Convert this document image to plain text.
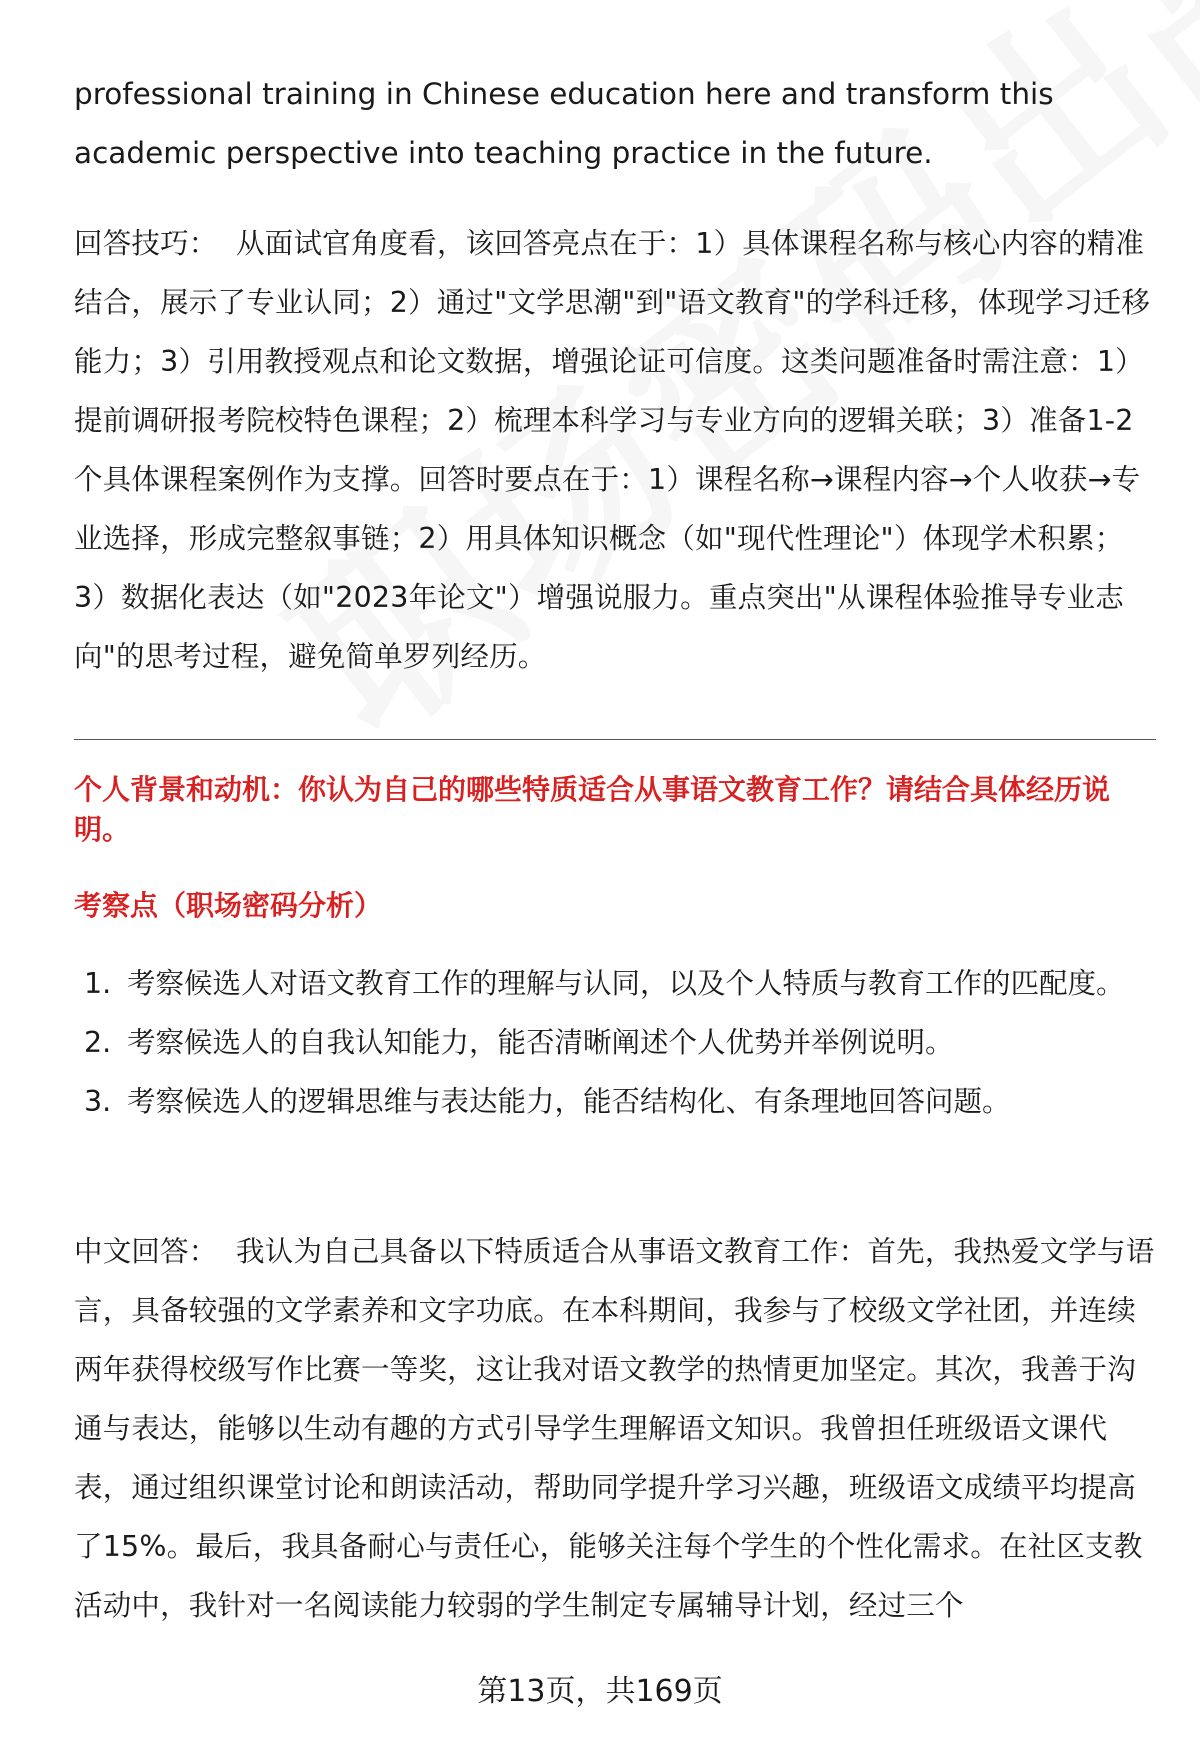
professional training in Chinese education here and transform this academic perspective into teaching practice in the future.

回答技巧： 从面试官角度看，该回答亮点在于：1）具体课程名称与核心内容的精准结合，展示了专业认同；2）通过"文学思潮"到"语文教育"的学科迁移，体现学习迁移能力；3）引用教授观点和论文数据，增强论证可信度。这类问题准备时需注意：1）提前调研报考院校特色课程；2）梳理本科学习与专业方向的逻辑关联；3）准备1-2个具体课程案例作为支撑。回答时要点在于：1）课程名称→课程内容→个人收获→专业选择，形成完整叙事链；2）用具体知识概念（如"现代性理论"）体现学术积累；3）数据化表达（如"2023年论文"）增强说服力。重点突出"从课程体验推导专业志向"的思考过程，避免简单罗列经历。

个人背景和动机：你认为自己的哪些特质适合从事语文教育工作？请结合具体经历说明。

考察点（职场密码分析）

1. 考察候选人对语文教育工作的理解与认同，以及个人特质与教育工作的匹配度。
2. 考察候选人的自我认知能力，能否清晰阐述个人优势并举例说明。
3. 考察候选人的逻辑思维与表达能力，能否结构化、有条理地回答问题。

中文回答： 我认为自己具备以下特质适合从事语文教育工作：首先，我热爱文学与语言，具备较强的文学素养和文字功底。在本科期间，我参与了校级文学社团，并连续两年获得校级写作比赛一等奖，这让我对语文教学的热情更加坚定。其次，我善于沟通与表达，能够以生动有趣的方式引导学生理解语文知识。我曾担任班级语文课代表，通过组织课堂讨论和朗读活动，帮助同学提升学习兴趣，班级语文成绩平均提高了15%。最后，我具备耐心与责任心，能够关注每个学生的个性化需求。在社区支教活动中，我针对一名阅读能力较弱的学生制定专属辅导计划，经过三个

第13页，共169页
